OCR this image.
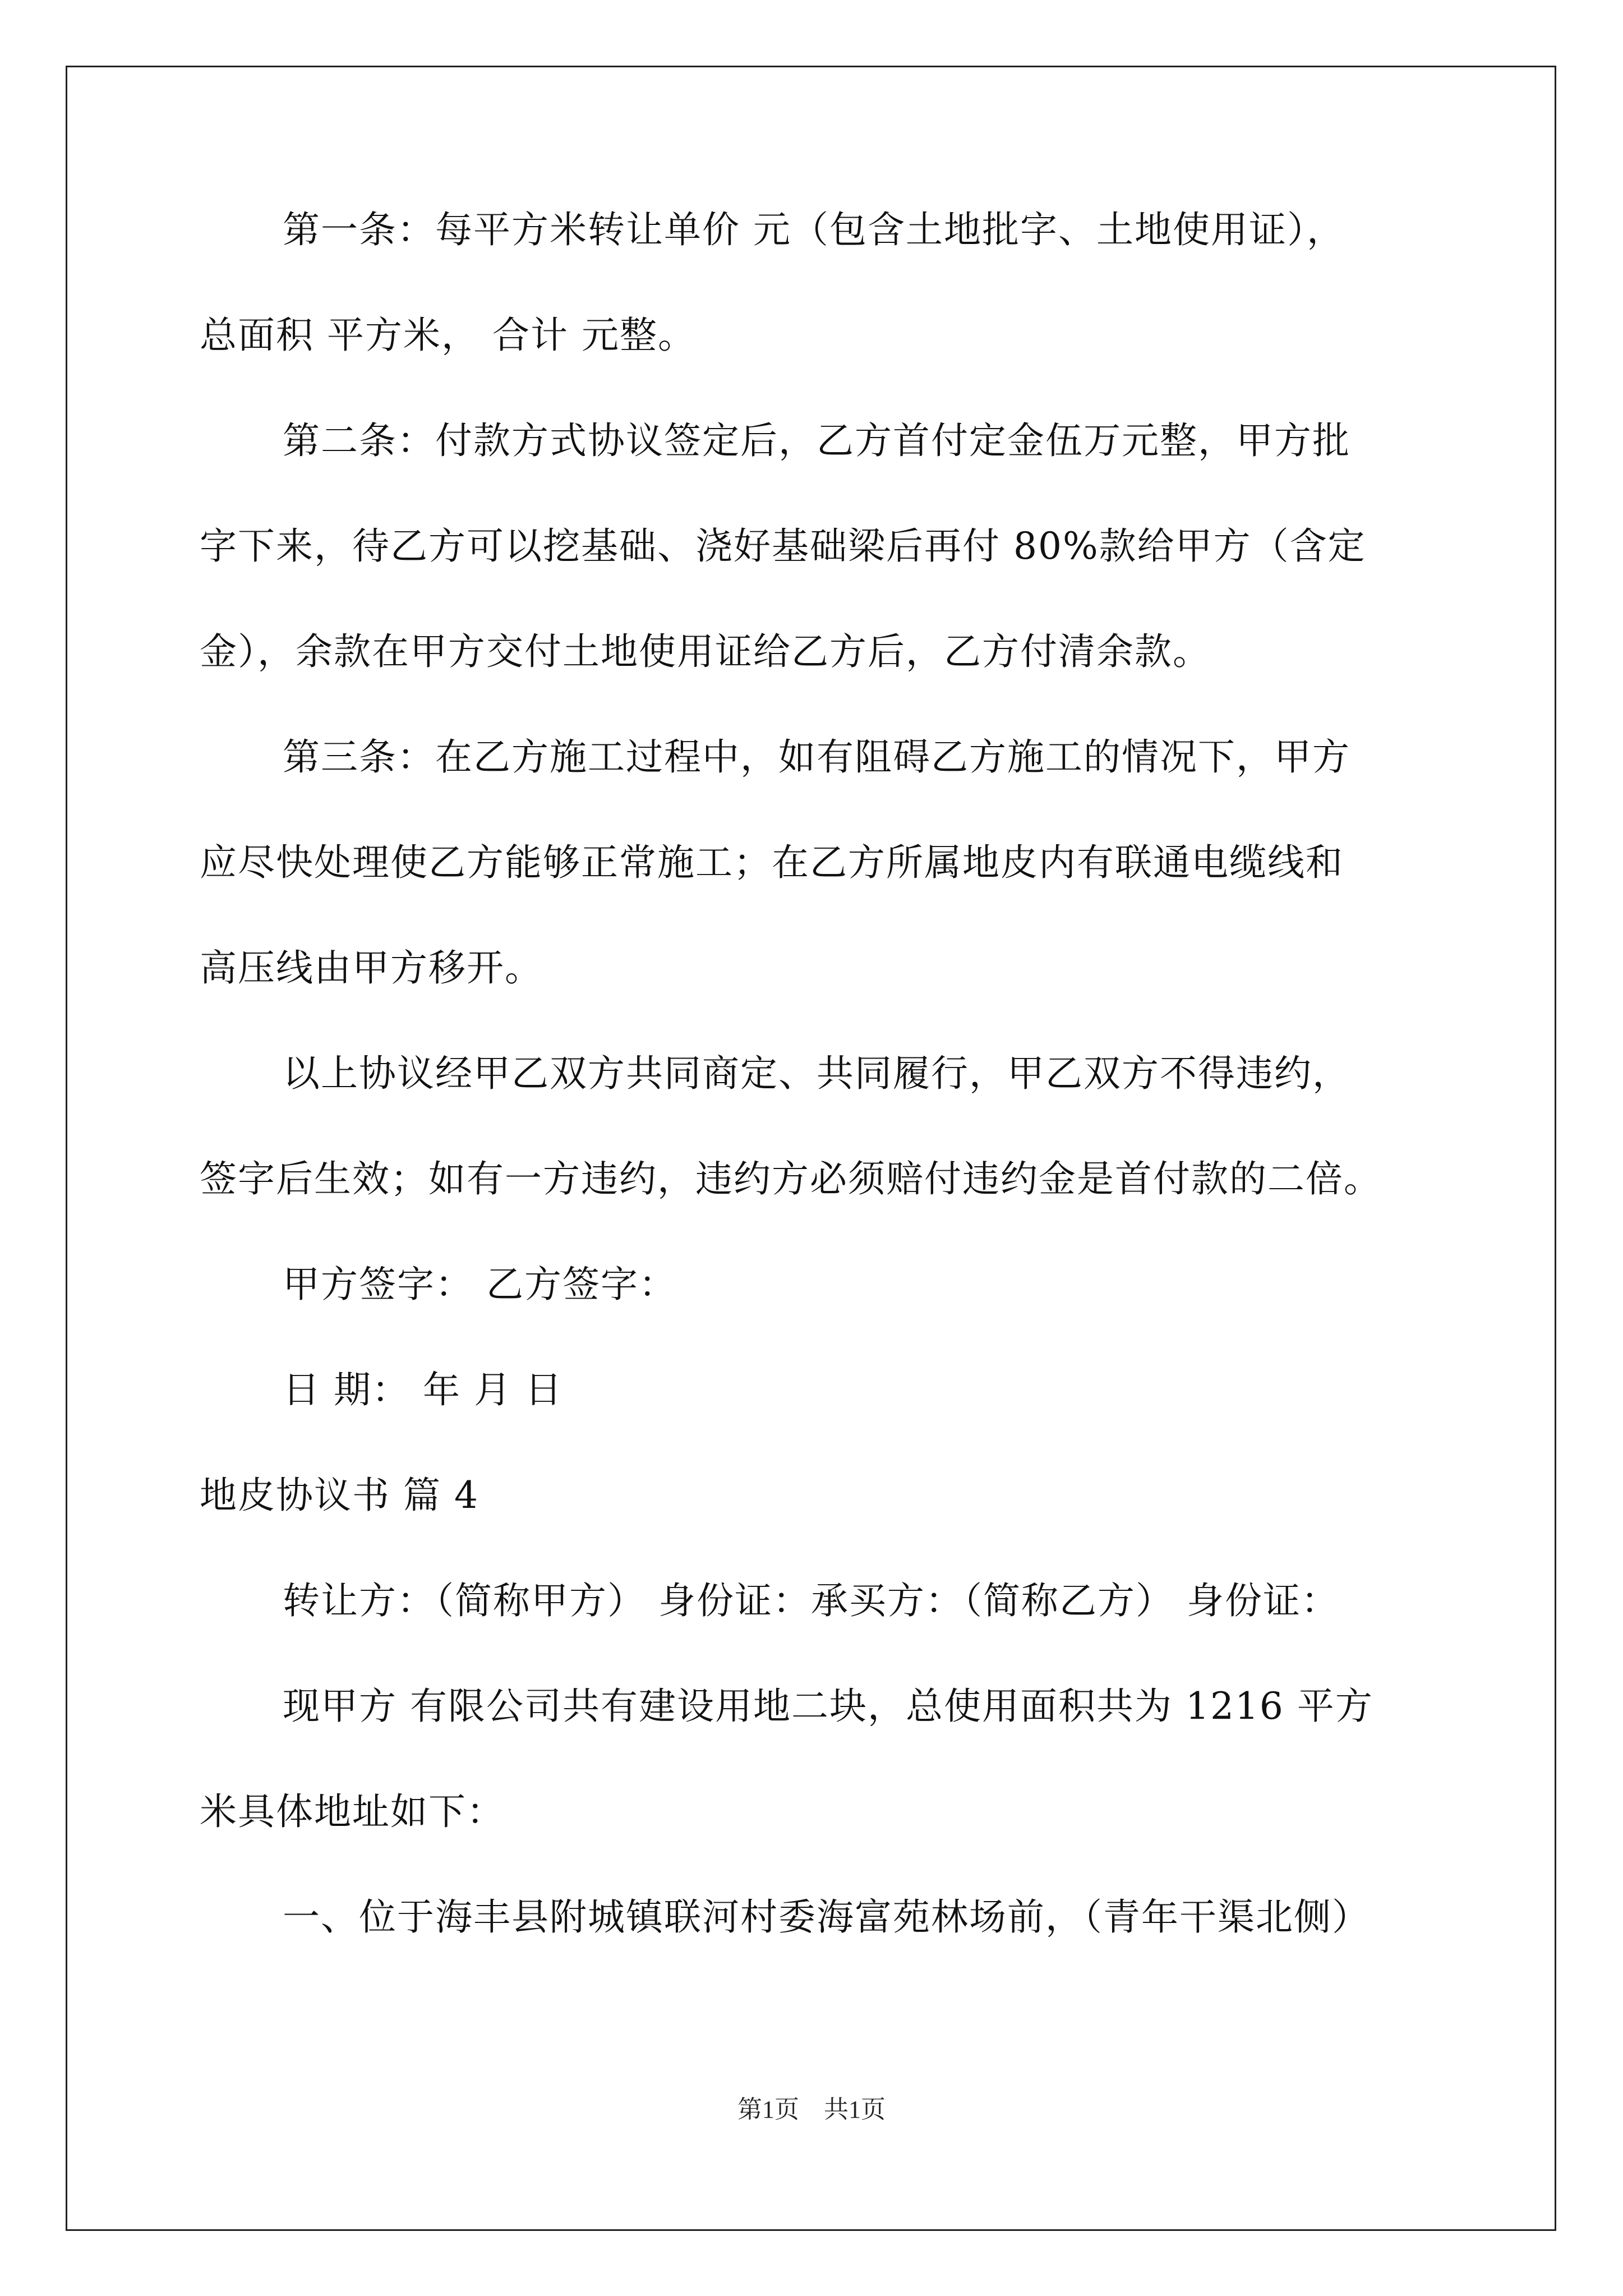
第一条：每平方米转让单价 元（包含土地批字、土地使用证），
总面积 平方米， 合计 元整。
第二条：付款方式协议签定后，乙方首付定金伍万元整，甲方批
字下来，待乙方可以挖基础、浇好基础梁后再付 80%款给甲方（含定
金），余款在甲方交付土地使用证给乙方后，乙方付清余款。
第三条：在乙方施工过程中，如有阻碍乙方施工的情况下，甲方
应尽快处理使乙方能够正常施工；在乙方所属地皮内有联通电缆线和
高压线由甲方移开。
以上协议经甲乙双方共同商定、共同履行，甲乙双方不得违约，
签字后生效；如有一方违约，违约方必须赔付违约金是首付款的二倍。
甲方签字： 乙方签字：
日 期： 年 月 日
地皮协议书 篇 4
转让方：（简称甲方） 身份证：承买方：（简称乙方） 身份证：
现甲方 有限公司共有建设用地二块，总使用面积共为 1216 平方
米具体地址如下：
一、位于海丰县附城镇联河村委海富苑林场前，（青年干渠北侧）
第1页　共1页
